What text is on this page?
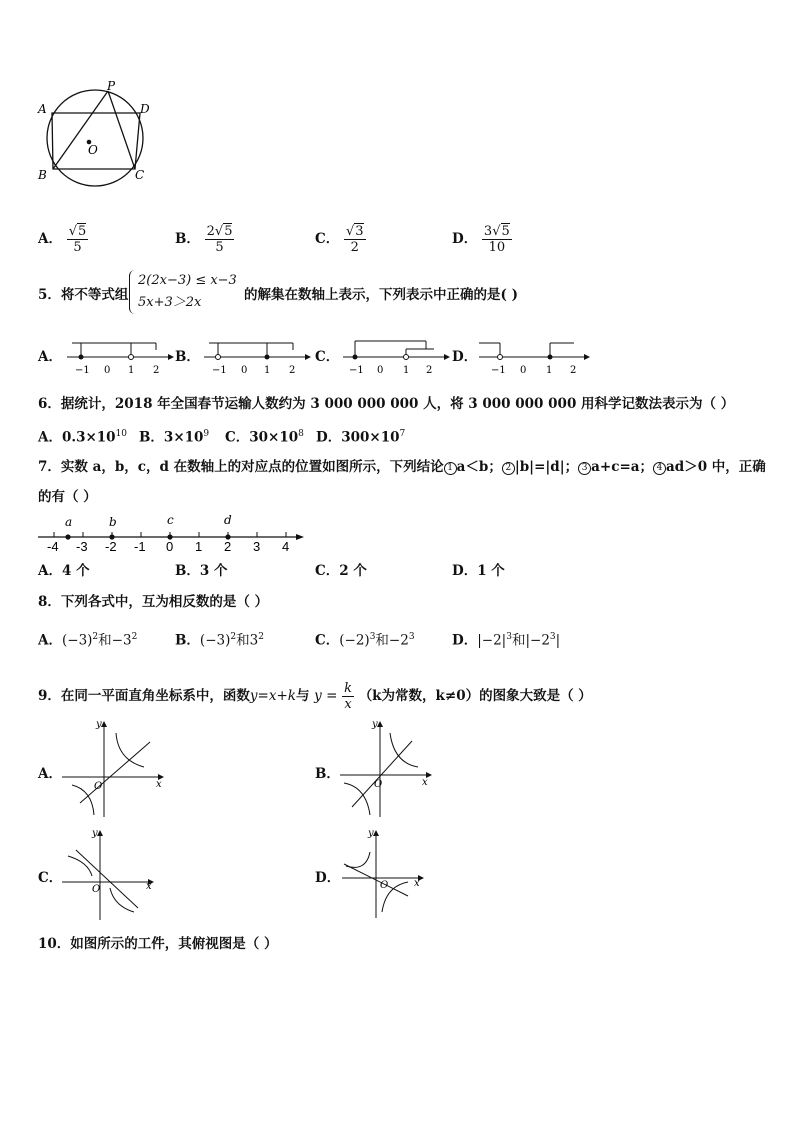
P
D
A
O
B	C
A． $\frac{√5}{5}$	B． $\frac{2√5}{5}$	C． $\frac{√3}{2}$	D． $\frac{3√5}{10}$
5．将不等式组
2(2x−3) ≤ x−3
5x+3＞2x	的解集在数轴上表示，下列表示中正确的是( )
A．	B．	C．	D．
−1 0 1 2	−1 0 1 2	−1 0 1 2	−1 0 1 2
6．据统计，2018 年全国春节运输人数约为 3 000 000 000 人，将 3 000 000 000 用科学记数法表示为（ ）
A．$0.3\times 10^{10}$ B．$3\times 10^9$ C．$30\times 10^8$ D．$300\times 10^7$
7．实数 a，b，c，d 在数轴上的对应点的位置如图所示，下列结论 1 a＜b； 2 |b|=|d|； 3 a+c=a； 4 ad＞0 中，正确
的有（ ）
a	b	c	d
-4 -3 -2 -1 0 1 2 3 4
A．4 个	B．3 个	C．2 个	D．1 个
8．下列各式中，互为相反数的是（ ）
A．$(-3)^2$和$-3^2$	B．$(-3)^2$和$3^2$	C．$(-2)^3$和$-2^3$	D．$|-2|^3$和$|-2^3|$
9．在同一平面直角坐标系中，函数y=x+k与 $y = \frac{k}{x} (k$为常数，k≠0）的图象大致是（ ）
A．	B．
C．	D．
y
x
O
y
x
O
y
x
O
y
x
O
10．如图所示的工件，其俯视图是（ ）
